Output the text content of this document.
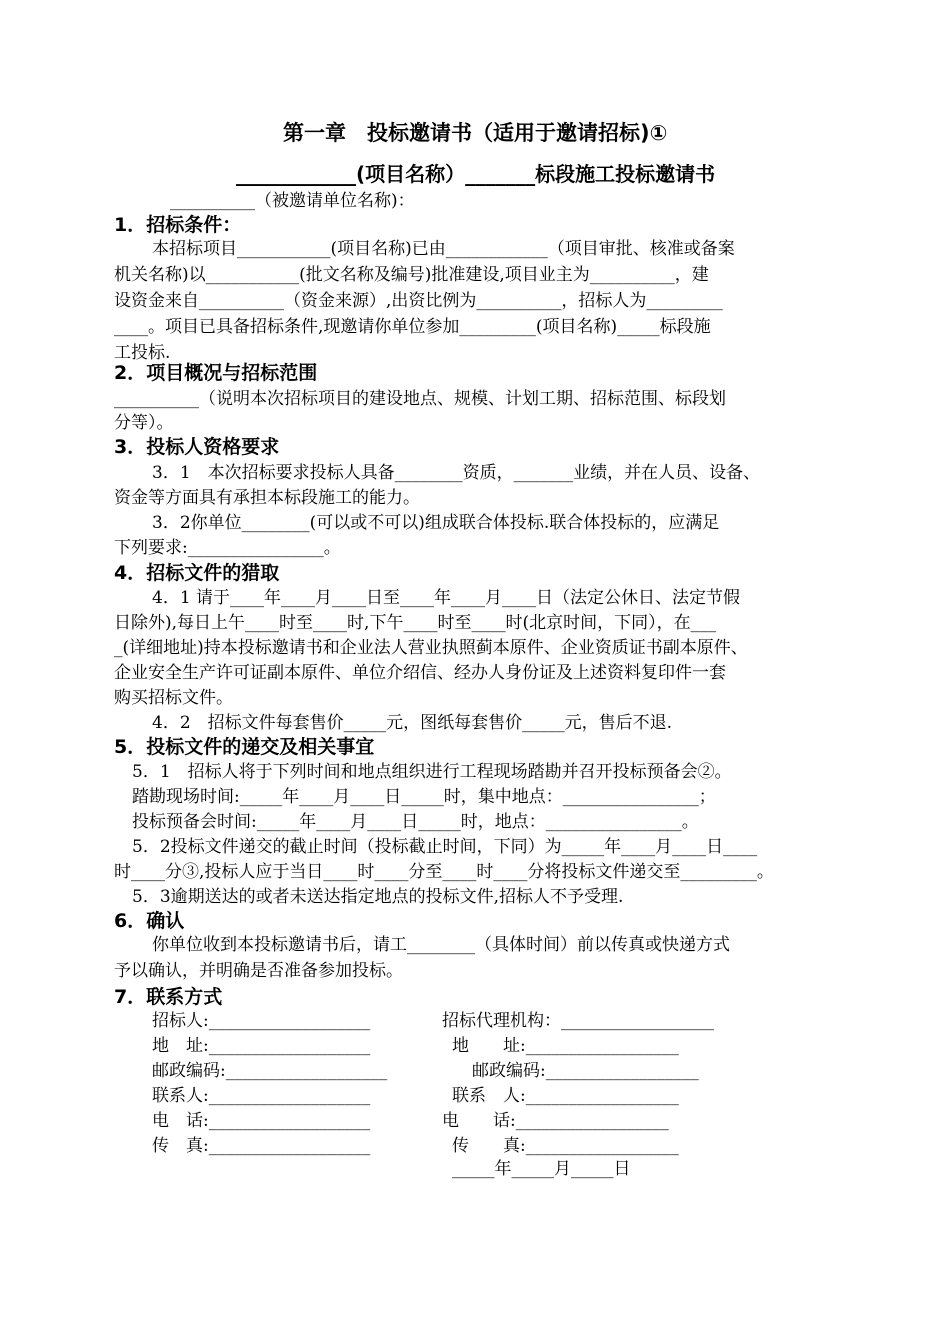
第一章　投标邀请书（适用于邀请招标)①
____________(项目名称）_______标段施工投标邀请书
__________（被邀请单位名称)：
1．招标条件：
本招标项目___________(项目名称)已由____________（项目审批、核准或备案
机关名称)以___________(批文名称及编号)批准建设,项目业主为__________，建
设资金来自__________（资金来源）,出资比例为__________，招标人为_________
____。项目已具备招标条件,现邀请你单位参加_________(项目名称)_____标段施
工投标.
2．项目概况与招标范围
__________（说明本次招标项目的建设地点、规模、计划工期、招标范围、标段划
分等）。
3．投标人资格要求
3．1　本次招标要求投标人具备________资质，_______业绩，并在人员、设备、
资金等方面具有承担本标段施工的能力。
3．2你单位________(可以或不可以)组成联合体投标.联合体投标的，应满足
下列要求:________________。
4．招标文件的猎取
4．1 请于____年____月____日至____年____月____日（法定公休日、法定节假
日除外),每日上午____时至____时,下午____时至____时(北京时间，下同），在___
_(详细地址)持本投标邀请书和企业法人营业执照蓟本原件、企业资质证书副本原件、
企业安全生产许可证副本原件、单位介绍信、经办人身份证及上述资料复印件一套
购买招标文件。
4．2　招标文件每套售价_____元，图纸每套售价_____元，售后不退.
5．投标文件的递交及相关事宜
5．1　招标人将于下列时间和地点组织进行工程现场踏勘并召开投标预备会②。
踏勘现场时间:_____年____月____日_____时，集中地点：________________；
投标预备会时间:_____年____月____日_____时，地点：________________。
5．2投标文件递交的截止时间（投标截止时间，下同）为_____年____月____日____
时____分③,投标人应于当日____时____分至____时____分将投标文件递交至_________。
5．3逾期送达的或者未送达指定地点的投标文件,招标人不予受理.
6．确认
你单位收到本投标邀请书后，请工________（具体时间）前以传真或快递方式
予以确认，并明确是否准备参加投标。
7．联系方式
招标人:___________________	招标代理机构：__________________
地　址:___________________	地　　址:__________________
邮政编码:___________________	邮政编码:__________________
联系人:___________________	联系　人:__________________
电　话:___________________	电　　话:__________________
传　真:___________________	传　　真:__________________
_____年_____月_____日
